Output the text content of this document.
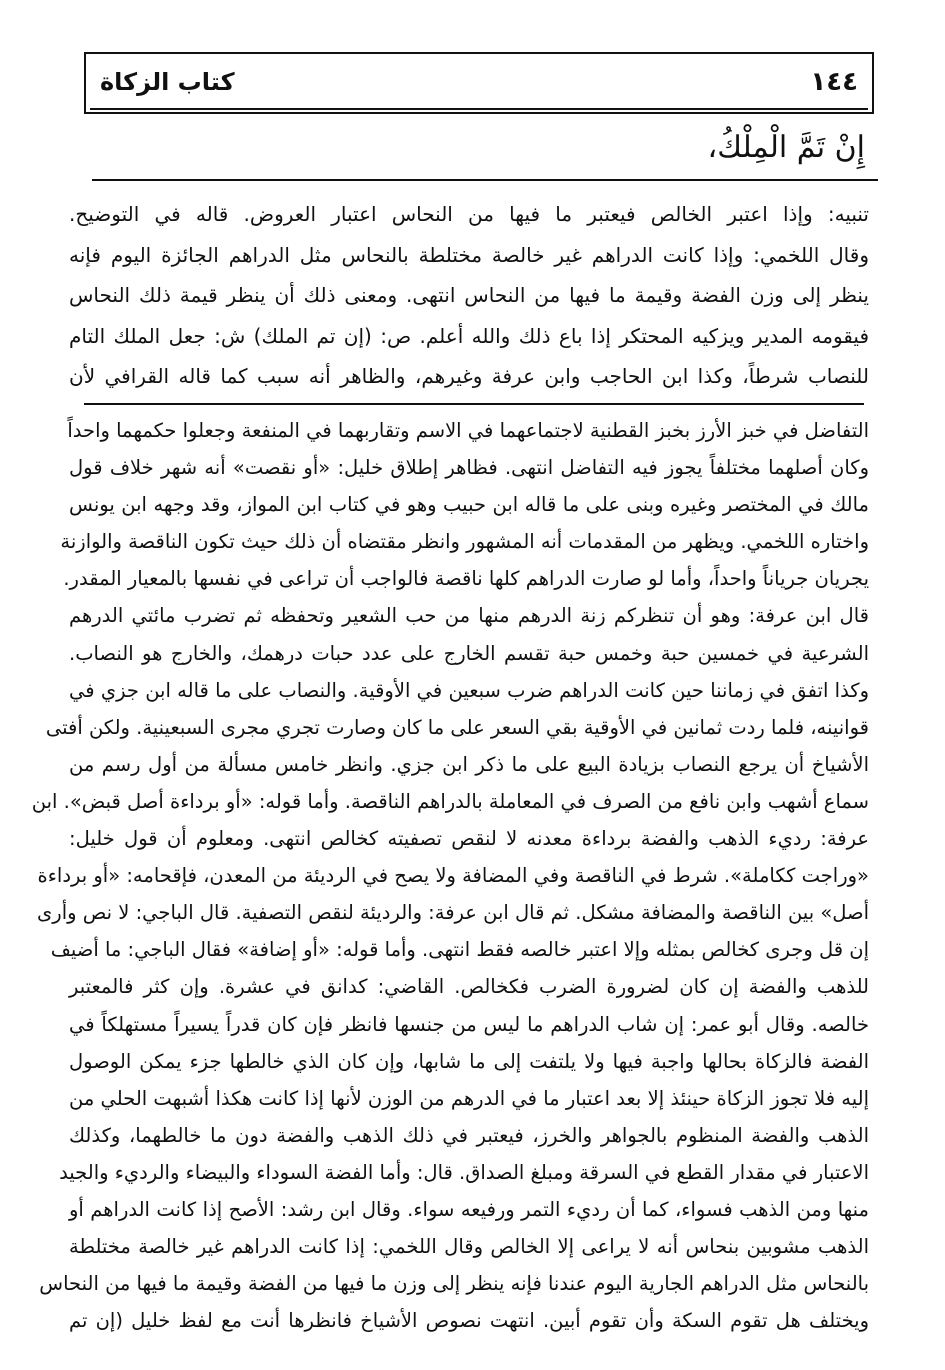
١٤٤
كتاب الزكاة
إِنْ تَمَّ الْمِلْكُ،
تنبيه: وإذا اعتبر الخالص فيعتبر ما فيها من النحاس اعتبار العروض. قاله في التوضيح.
وقال اللخمي: وإذا كانت الدراهم غير خالصة مختلطة بالنحاس مثل الدراهم الجائزة اليوم فإنه
ينظر إلى وزن الفضة وقيمة ما فيها من النحاس انتهى. ومعنى ذلك أن ينظر قيمة ذلك النحاس
فيقومه المدير ويزكيه المحتكر إذا باع ذلك والله أعلم. ص: (إن تم الملك) ش: جعل الملك التام
للنصاب شرطاً، وكذا ابن الحاجب وابن عرفة وغيرهم، والظاهر أنه سبب كما قاله القرافي لأن
التفاضل في خبز الأرز بخبز القطنية لاجتماعهما في الاسم وتقاربهما في المنفعة وجعلوا حكمهما واحداً
وكان أصلهما مختلفاً يجوز فيه التفاضل انتهى. فظاهر إطلاق خليل: «أو نقصت» أنه شهر خلاف قول
مالك في المختصر وغيره وبنى على ما قاله ابن حبيب وهو في كتاب ابن المواز، وقد وجهه ابن يونس
واختاره اللخمي. ويظهر من المقدمات أنه المشهور وانظر مقتضاه أن ذلك حيث تكون الناقصة والوازنة
يجريان جرياناً واحداً، وأما لو صارت الدراهم كلها ناقصة فالواجب أن تراعى في نفسها بالمعيار المقدر.
قال ابن عرفة: وهو أن تنظركم زنة الدرهم منها من حب الشعير وتحفظه ثم تضرب مائتي الدرهم
الشرعية في خمسين حبة وخمس حبة تقسم الخارج على عدد حبات درهمك، والخارج هو النصاب.
وكذا اتفق في زماننا حين كانت الدراهم ضرب سبعين في الأوقية. والنصاب على ما قاله ابن جزي في
قوانينه، فلما ردت ثمانين في الأوقية بقي السعر على ما كان وصارت تجري مجرى السبعينية. ولكن أفتى
الأشياخ أن يرجع النصاب بزيادة البيع على ما ذكر ابن جزي. وانظر خامس مسألة من أول رسم من
سماع أشهب وابن نافع من الصرف في المعاملة بالدراهم الناقصة. وأما قوله: «أو برداءة أصل قبض». ابن
عرفة: رديء الذهب والفضة برداءة معدنه لا لنقص تصفيته كخالص انتهى. ومعلوم أن قول خليل:
«وراجت ككاملة». شرط في الناقصة وفي المضافة ولا يصح في الرديئة من المعدن، فإقحامه: «أو برداءة
أصل» بين الناقصة والمضافة مشكل. ثم قال ابن عرفة: والرديئة لنقص التصفية. قال الباجي: لا نص وأرى
إن قل وجرى كخالص بمثله وإلا اعتبر خالصه فقط انتهى. وأما قوله: «أو إضافة» فقال الباجي: ما أضيف
للذهب والفضة إن كان لضرورة الضرب فكخالص. القاضي: كدانق في عشرة. وإن كثر فالمعتبر
خالصه. وقال أبو عمر: إن شاب الدراهم ما ليس من جنسها فانظر فإن كان قدراً يسيراً مستهلكاً في
الفضة فالزكاة بحالها واجبة فيها ولا يلتفت إلى ما شابها، وإن كان الذي خالطها جزء يمكن الوصول
إليه فلا تجوز الزكاة حينئذ إلا بعد اعتبار ما في الدرهم من الوزن لأنها إذا كانت هكذا أشبهت الحلي من
الذهب والفضة المنظوم بالجواهر والخرز، فيعتبر في ذلك الذهب والفضة دون ما خالطهما، وكذلك
الاعتبار في مقدار القطع في السرقة ومبلغ الصداق. قال: وأما الفضة السوداء والبيضاء والرديء والجيد
منها ومن الذهب فسواء، كما أن رديء التمر ورفيعه سواء. وقال ابن رشد: الأصح إذا كانت الدراهم أو
الذهب مشوبين بنحاس أنه لا يراعى إلا الخالص وقال اللخمي: إذا كانت الدراهم غير خالصة مختلطة
بالنحاس مثل الدراهم الجارية اليوم عندنا فإنه ينظر إلى وزن ما فيها من الفضة وقيمة ما فيها من النحاس
ويختلف هل تقوم السكة وأن تقوم أبين. انتهت نصوص الأشياخ فانظرها أنت مع لفظ خليل (إن تم
